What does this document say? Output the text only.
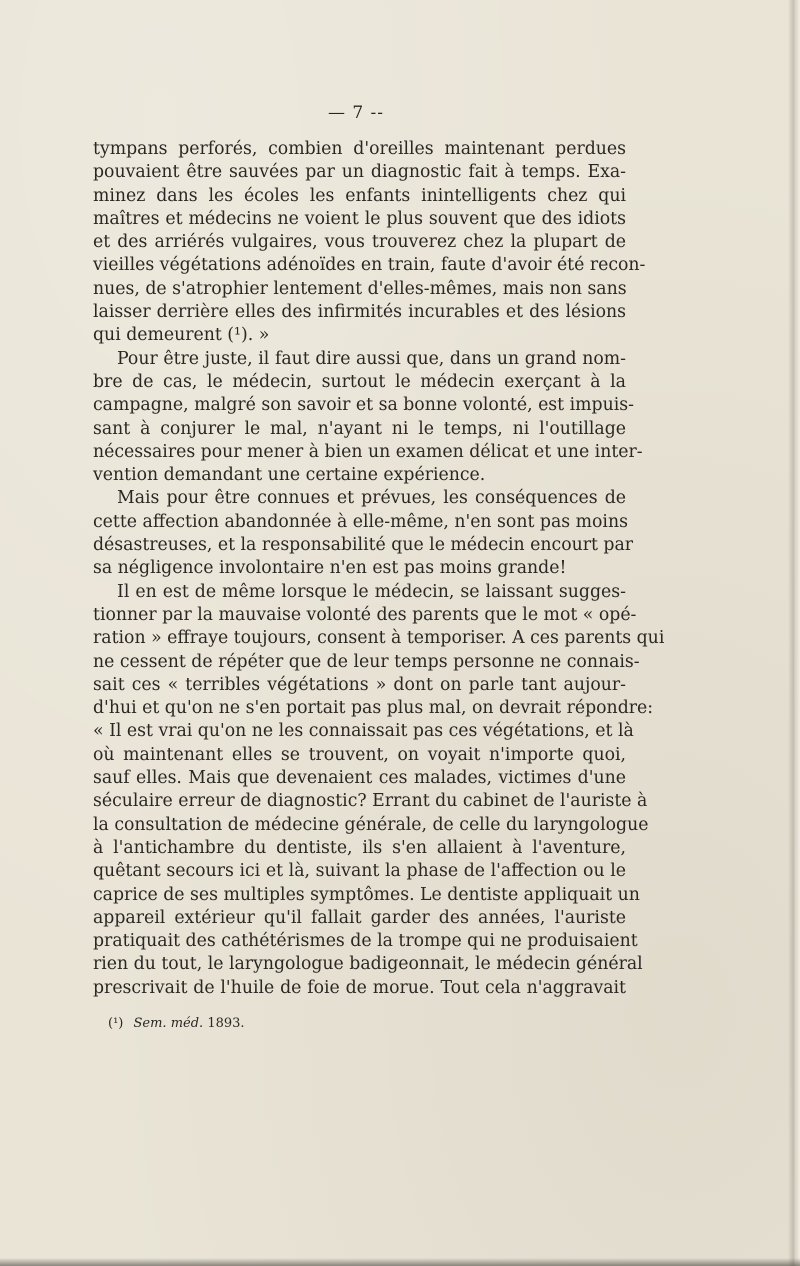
— 7 --
tympans perforés, combien d'oreilles maintenant perdues
pouvaient être sauvées par un diagnostic fait à temps. Exa-
minez dans les écoles les enfants inintelligents chez qui
maîtres et médecins ne voient le plus souvent que des idiots
et des arriérés vulgaires, vous trouverez chez la plupart de
vieilles végétations adénoïdes en train, faute d'avoir été recon-
nues, de s'atrophier lentement d'elles-mêmes, mais non sans
laisser derrière elles des infirmités incurables et des lésions
qui demeurent (¹). »
Pour être juste, il faut dire aussi que, dans un grand nom-
bre de cas, le médecin, surtout le médecin exerçant à la
campagne, malgré son savoir et sa bonne volonté, est impuis-
sant à conjurer le mal, n'ayant ni le temps, ni l'outillage
nécessaires pour mener à bien un examen délicat et une inter-
vention demandant une certaine expérience.
Mais pour être connues et prévues, les conséquences de
cette affection abandonnée à elle-même, n'en sont pas moins
désastreuses, et la responsabilité que le médecin encourt par
sa négligence involontaire n'en est pas moins grande!
Il en est de même lorsque le médecin, se laissant sugges-
tionner par la mauvaise volonté des parents que le mot « opé-
ration » effraye toujours, consent à temporiser. A ces parents qui
ne cessent de répéter que de leur temps personne ne connais-
sait ces « terribles végétations » dont on parle tant aujour-
d'hui et qu'on ne s'en portait pas plus mal, on devrait répondre:
« Il est vrai qu'on ne les connaissait pas ces végétations, et là
où maintenant elles se trouvent, on voyait n'importe quoi,
sauf elles. Mais que devenaient ces malades, victimes d'une
séculaire erreur de diagnostic? Errant du cabinet de l'auriste à
la consultation de médecine générale, de celle du laryngologue
à l'antichambre du dentiste, ils s'en allaient à l'aventure,
quêtant secours ici et là, suivant la phase de l'affection ou le
caprice de ses multiples symptômes. Le dentiste appliquait un
appareil extérieur qu'il fallait garder des années, l'auriste
pratiquait des cathétérismes de la trompe qui ne produisaient
rien du tout, le laryngologue badigeonnait, le médecin général
prescrivait de l'huile de foie de morue. Tout cela n'aggravait
(¹) Sem. méd. 1893.
